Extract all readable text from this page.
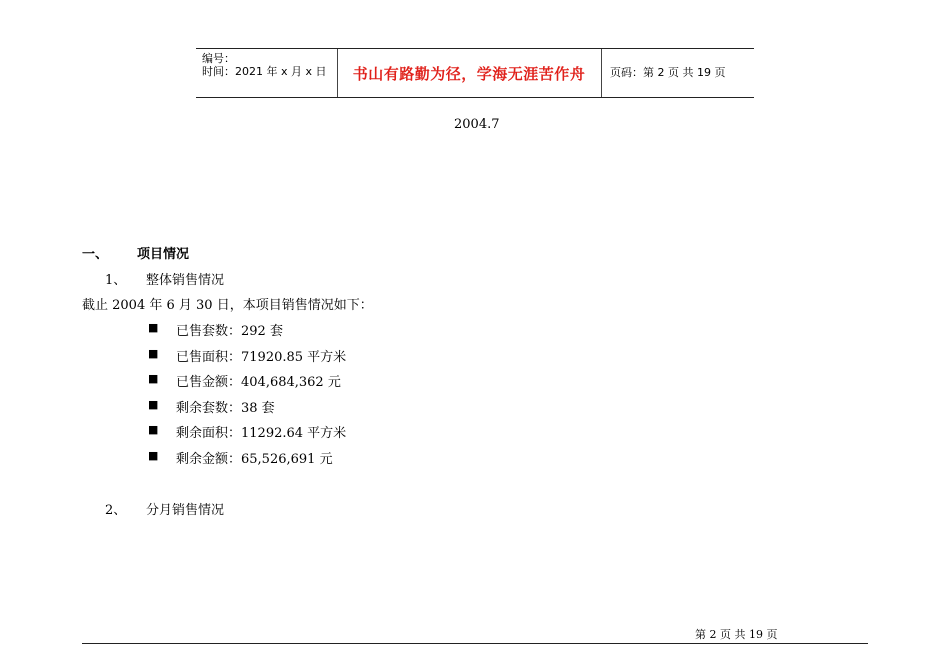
编号：
时间：2021 年 x 月 x 日 书山有路勤为径，学海无涯苦作舟	页码：第 2 页 共 19 页
2004.7
一、 项目情况
1、 整体销售情况
截止 2004 年 6 月 30 日，本项目销售情况如下：
■ 已售套数：292 套
■ 已售面积：71920.85 平方米
■ 已售金额：404,684,362 元
■ 剩余套数：38 套
■ 剩余面积：11292.64 平方米
■ 剩余金额：65,526,691 元
2、 分月销售情况
第 2 页 共 19 页
